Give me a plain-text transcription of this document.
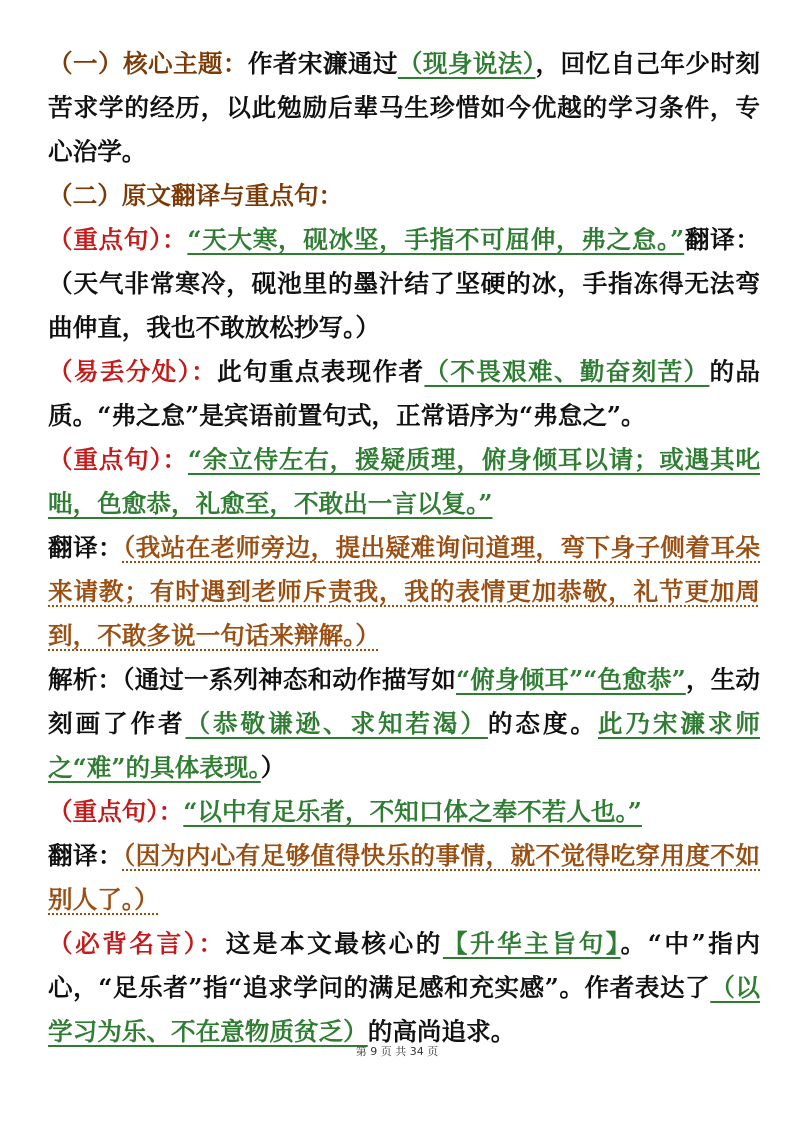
（一）核心主题：作者宋濂通过（现身说法），回忆自己年少时刻苦求学的经历，以此勉励后辈马生珍惜如今优越的学习条件，专心治学。

（二）原文翻译与重点句：

（重点句）：“天大寒，砚冰坚，手指不可屈伸，弗之怠。”翻译：（天气非常寒冷，砚池里的墨汁结了坚硬的冰，手指冻得无法弯曲伸直，我也不敢放松抄写。）

（易丢分处）：此句重点表现作者（不畏艰难、勤奋刻苦）的品质。“弗之怠”是宾语前置句式，正常语序为“弗怠之”。

（重点句）：“余立侍左右，援疑质理，俯身倾耳以请；或遇其叱咄，色愈恭，礼愈至，不敢出一言以复。”

翻译：（我站在老师旁边，提出疑难询问道理，弯下身子侧着耳朵来请教；有时遇到老师斥责我，我的表情更加恭敬，礼节更加周到，不敢多说一句话来辩解。）

解析：（通过一系列神态和动作描写如“俯身倾耳”“色愈恭”，生动刻画了作者（恭敬谦逊、求知若渴）的态度。此乃宋濂求师之“难”的具体表现。）

（重点句）：“以中有足乐者，不知口体之奉不若人也。”

翻译：（因为内心有足够值得快乐的事情，就不觉得吃穿用度不如别人了。）

（必背名言）：这是本文最核心的【升华主旨句】。“中”指内心，“足乐者”指“追求学问的满足感和充实感”。作者表达了（以学习为乐、不在意物质贫乏）的高尚追求。

第 9 页 共 34 页
